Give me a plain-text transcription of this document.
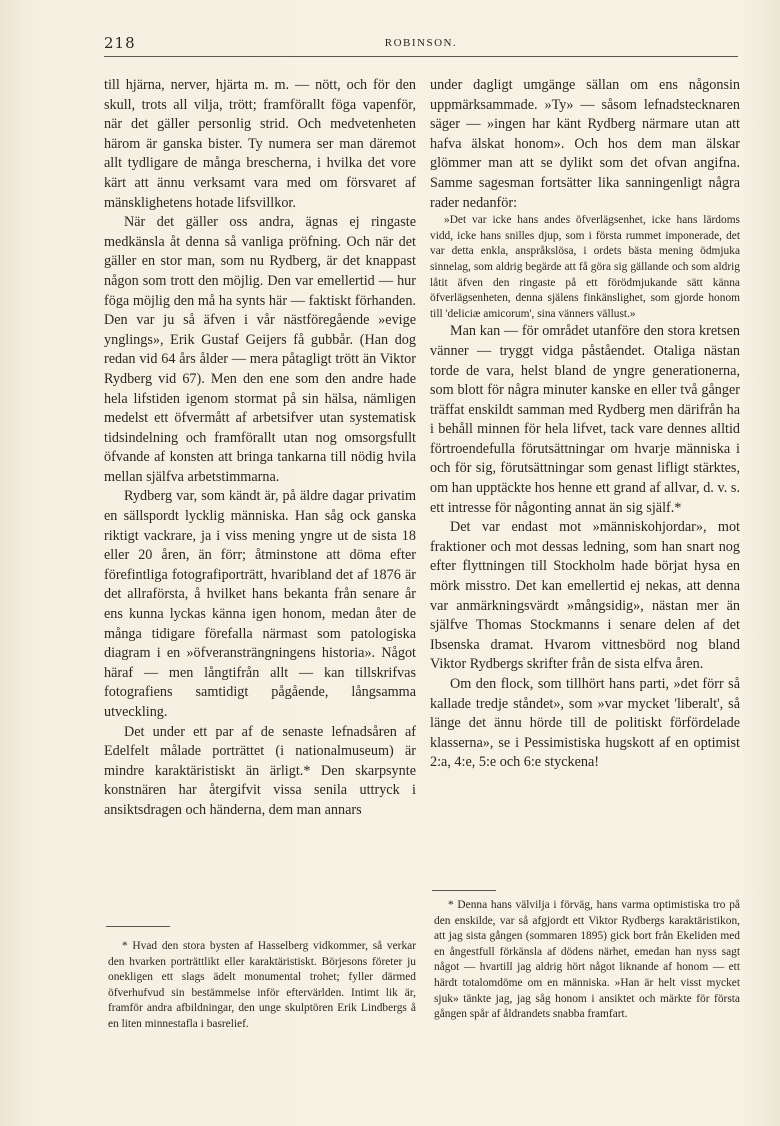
218	ROBINSON.

till hjärna, nerver, hjärta m. m. — nött, och för den skull, trots all vilja, trött; framförallt föga vapenför, när det gäller personlig strid. Och medvetenheten härom är ganska bister. Ty numera ser man däremot allt tydligare de många brescherna, i hvilka det vore kärt att ännu verksamt vara med om försvaret af mänsklighetens hotade lifsvillkor.

När det gäller oss andra, ägnas ej ringaste medkänsla åt denna så vanliga pröfning. Och när det gäller en stor man, som nu Rydberg, är det knappast någon som trott den möjlig. Den var emellertid — hur föga möjlig den må ha synts här — faktiskt förhanden. Den var ju så äfven i vår nästföregående »evige ynglings», Erik Gustaf Geijers få gubbår. (Han dog redan vid 64 års ålder — mera påtagligt trött än Viktor Rydberg vid 67). Men den ene som den andre hade hela lifstiden igenom stormat på sin hälsa, nämligen medelst ett öfvermått af arbetsifver utan systematisk tidsindelning och framförallt utan nog omsorgsfullt öfvande af konsten att bringa tankarna till nödig hvila mellan själfva arbetstimmarna.

Rydberg var, som kändt är, på äldre dagar privatim en sällspordt lycklig människa. Han såg ock ganska riktigt vackrare, ja i viss mening yngre ut de sista 18 eller 20 åren, än förr; åtminstone att döma efter förefintliga fotografiporträtt, hvaribland det af 1876 är det allraförsta, å hvilket hans bekanta från senare år ens kunna lyckas känna igen honom, medan åter de många tidigare förefalla närmast som patologiska diagram i en »öfveransträngningens historia». Något häraf — men långtifrån allt — kan tillskrifvas fotografiens samtidigt pågående, långsamma utveckling.

Det under ett par af de senaste lefnadsåren af Edelfelt målade porträttet (i nationalmuseum) är mindre karaktäristiskt än ärligt.* Den skarpsynte konstnären har återgifvit vissa senila uttryck i ansiktsdragen och händerna, dem man annars

under dagligt umgänge sällan om ens någonsin uppmärksammade. »Ty» — såsom lefnadstecknaren säger — »ingen har känt Rydberg närmare utan att hafva älskat honom». Och hos dem man älskar glömmer man att se dylikt som det ofvan angifna. Samme sagesman fortsätter lika sanningenligt några rader nedanför:

»Det var icke hans andes öfverlägsenhet, icke hans lärdoms vidd, icke hans snilles djup, som i första rummet imponerade, det var detta enkla, anspråkslösa, i ordets bästa mening ödmjuka sinnelag, som aldrig begärde att få göra sig gällande och som aldrig låtit äfven den ringaste på ett förödmjukande sätt känna öfverlägsenheten, denna själens finkänslighet, som gjorde honom till 'deliciæ amicorum', sina vänners vällust.»

Man kan — för området utanföre den stora kretsen vänner — tryggt vidga påståendet. Otaliga nästan torde de vara, helst bland de yngre generationerna, som blott för några minuter kanske en eller två gånger träffat enskildt samman med Rydberg men därifrån ha i behåll minnen för hela lifvet, tack vare dennes alltid förtroendefulla förutsättningar om hvarje människa i och för sig, förutsättningar som genast lifligt stärktes, om han upptäckte hos henne ett grand af allvar, d. v. s. ett intresse för någonting annat än sig själf.*

Det var endast mot »människohjordar», mot fraktioner och mot dessas ledning, som han snart nog efter flyttningen till Stockholm hade börjat hysa en mörk misstro. Det kan emellertid ej nekas, att denna var anmärkningsvärdt »mångsidig», nästan mer än själfve Thomas Stockmanns i senare delen af det Ibsenska dramat. Hvarom vittnesbörd nog bland Viktor Rydbergs skrifter från de sista elfva åren.

Om den flock, som tillhört hans parti, »det förr så kallade tredje ståndet», som »var mycket 'liberalt', så länge det ännu hörde till de politiskt förfördelade klasserna», se i Pessimistiska hugskott af en optimist 2:a, 4:e, 5:e och 6:e styckena!

* Hvad den stora bysten af Hasselberg vidkommer, så verkar den hvarken porträttlikt eller karaktäristiskt. Börjesons företer ju onekligen ett slags ädelt monumental trohet; fyller därmed öfverhufvud sin bestämmelse inför eftervärlden. Intimt lik är, framför andra afbildningar, den unge skulptören Erik Lindbergs å en liten minnestafla i basrelief.

* Denna hans välvilja i förväg, hans varma optimistiska tro på den enskilde, var så afgjordt ett Viktor Rydbergs karaktäristikon, att jag sista gången (sommaren 1895) gick bort från Ekeliden med en ångestfull förkänsla af dödens närhet, emedan han nyss sagt något — hvartill jag aldrig hört något liknande af honom — ett härdt totalomdöme om en människa. »Han är helt visst mycket sjuk» tänkte jag, jag såg honom i ansiktet och märkte för första gången spår af åldrandets snabba framfart.
